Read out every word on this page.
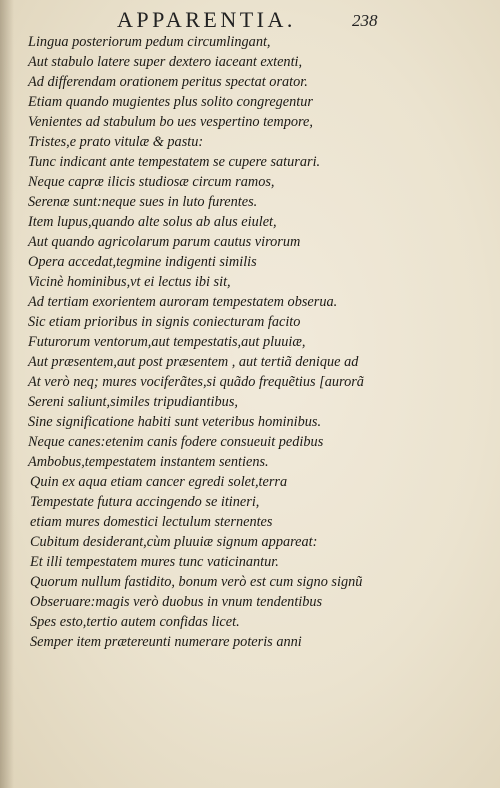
APPARENTIA.	238
Lingua posteriorum pedum circumlingant,
Aut stabulo latere super dextero iaceant extenti,
Ad differendam orationem peritus spectat orator.
Etiam quando mugientes plus solito congregentur
Venientes ad stabulum bo ues vespertino tempore,
Tristes,e prato vitulæ & pastu:
Tunc indicant ante tempestatem se cupere saturari.
Neque capræ ilicis studiosæ circum ramos,
Serenæ sunt:neque sues in luto furentes.
Item lupus,quando alte solus ab alus eiulet,
Aut quando agricolarum parum cautus virorum
Opera accedat,tegmine indigenti similis
Vicinè hominibus,vt ei lectus ibi sit,
Ad tertiam exorientem auroram tempestatem obserua.
Sic etiam prioribus in signis coniecturam facito
Futurorum ventorum,aut tempestatis,aut pluuiæ,
Aut præsentem,aut post præsentem , aut tertiã denique ad
At verò neq; mures vociferãtes,si quãdo frequẽtius [aurorã
Sereni saliunt,similes tripudiantibus,
Sine significatione habiti sunt veteribus hominibus.
Neque canes:etenim canis fodere consueuit pedibus
Ambobus,tempestatem instantem sentiens.
Quin ex aqua etiam cancer egredi solet,terra
Tempestate futura accingendo se itineri,
etiam mures domestici lectulum sternentes
Cubitum desiderant,cùm pluuiæ signum appareat:
Et illi tempestatem mures tunc vaticinantur.
Quorum nullum fastidito, bonum verò est cum signo signũ
Obseruare:magis verò duobus in vnum tendentibus
Spes esto,tertio autem confidas licet.
Semper item prætereunti numerare poteris anni
